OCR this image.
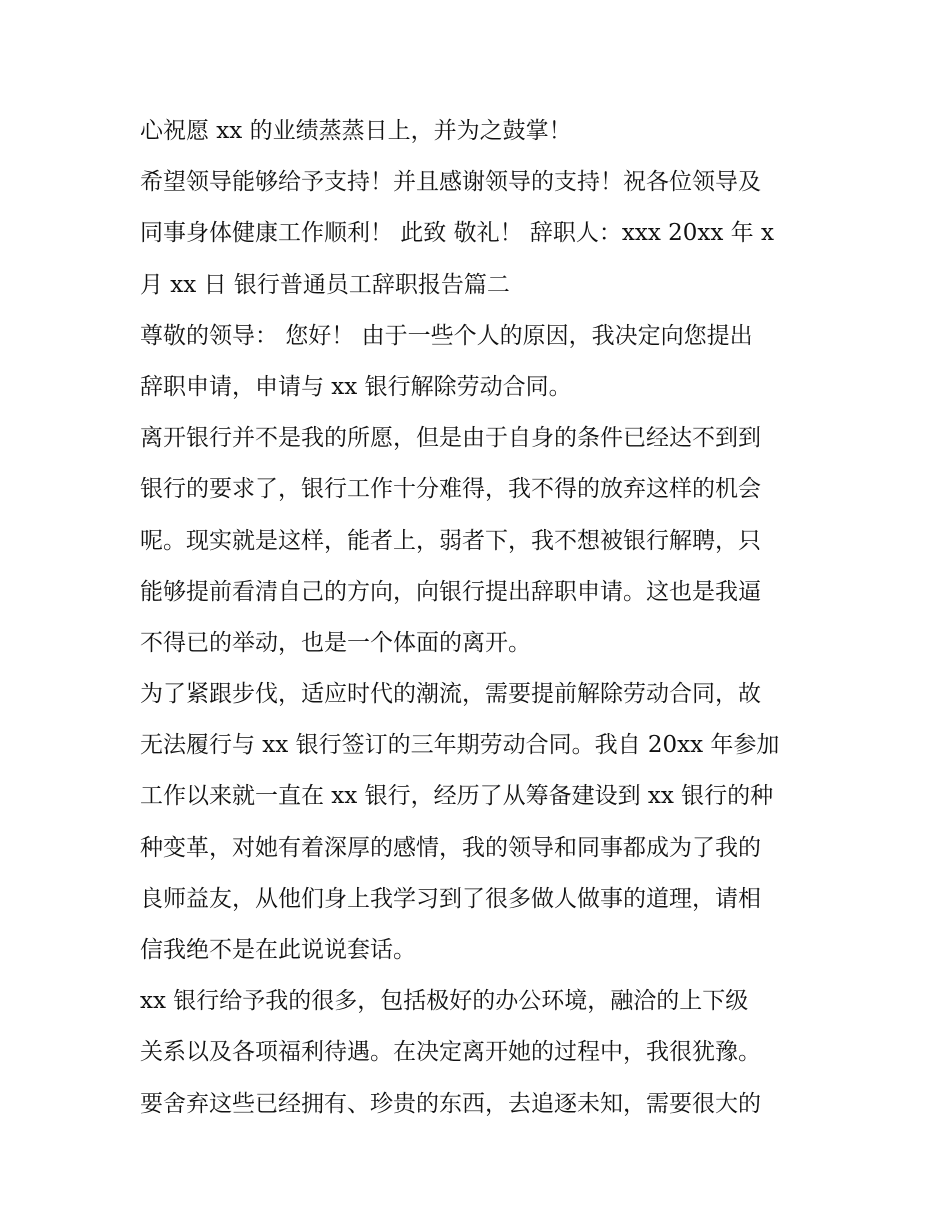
心祝愿 xx 的业绩蒸蒸日上，并为之鼓掌！
希望领导能够给予支持！并且感谢领导的支持！祝各位领导及
同事身体健康工作顺利！ 此致 敬礼！ 辞职人：xxx 20xx 年 x
月 xx 日 银行普通员工辞职报告篇二
尊敬的领导： 您好！ 由于一些个人的原因，我决定向您提出
辞职申请，申请与 xx 银行解除劳动合同。
离开银行并不是我的所愿，但是由于自身的条件已经达不到到
银行的要求了，银行工作十分难得，我不得的放弃这样的机会
呢。现实就是这样，能者上，弱者下，我不想被银行解聘，只
能够提前看清自己的方向，向银行提出辞职申请。这也是我逼
不得已的举动，也是一个体面的离开。
为了紧跟步伐，适应时代的潮流，需要提前解除劳动合同，故
无法履行与 xx 银行签订的三年期劳动合同。我自 20xx 年参加
工作以来就一直在 xx 银行，经历了从筹备建设到 xx 银行的种
种变革，对她有着深厚的感情，我的领导和同事都成为了我的
良师益友，从他们身上我学习到了很多做人做事的道理，请相
信我绝不是在此说说套话。
xx 银行给予我的很多，包括极好的办公环境，融洽的上下级
关系以及各项福利待遇。在决定离开她的过程中，我很犹豫。
要舍弃这些已经拥有、珍贵的东西，去追逐未知，需要很大的
